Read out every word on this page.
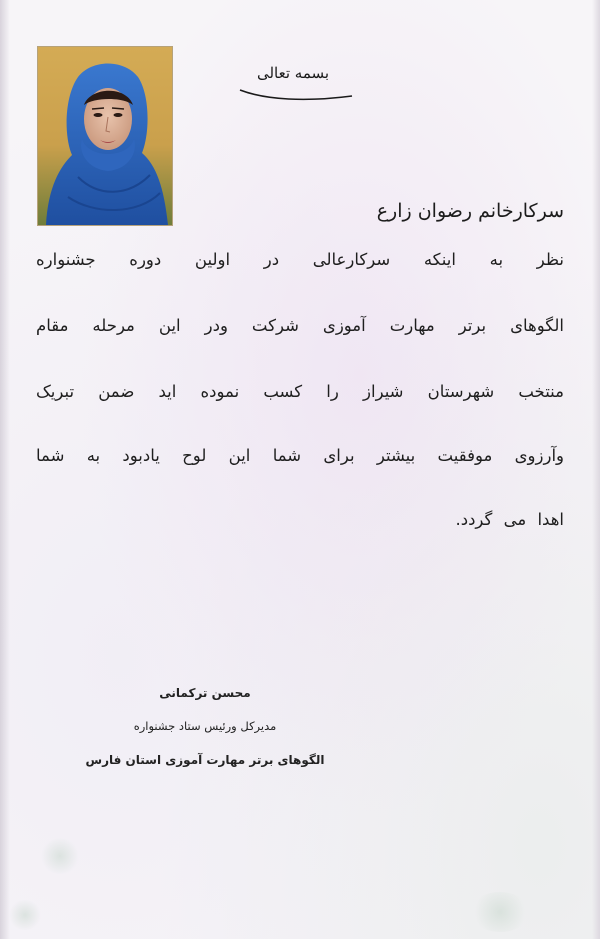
بسمه تعالی
سرکارخانم رضوان زارع
نظر به اینکه سرکارعالی در اولین دوره جشنواره
الگوهای برتر مهارت آموزی شرکت ودر این مرحله مقام
منتخب شهرستان شیراز را کسب نموده اید ضمن تبریک
وآرزوی موفقیت بیشتر برای شما این لوح یادبود به شما
اهدا می گردد.
محسن ترکمانی
مدیرکل ورئیس ستاد جشنواره
الگوهای برتر مهارت آموزی استان فارس
